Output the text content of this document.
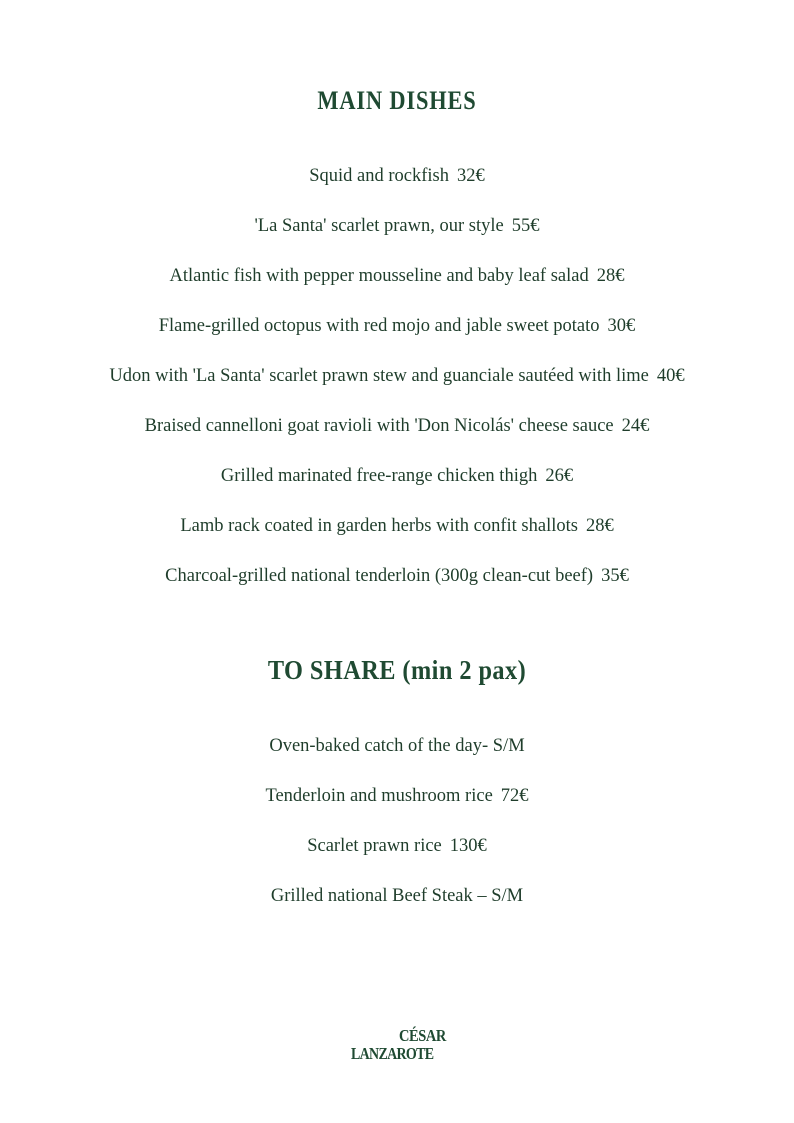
MAIN DISHES
Squid and rockfish 32€
'La Santa' scarlet prawn, our style 55€
Atlantic fish with pepper mousseline and baby leaf salad 28€
Flame-grilled octopus with red mojo and jable sweet potato 30€
Udon with 'La Santa' scarlet prawn stew and guanciale sautéed with lime 40€
Braised cannelloni goat ravioli with 'Don Nicolás' cheese sauce 24€
Grilled marinated free-range chicken thigh 26€
Lamb rack coated in garden herbs with confit shallots 28€
Charcoal-grilled national tenderloin (300g clean-cut beef) 35€
TO SHARE (min 2 pax)
Oven-baked catch of the day- S/M
Tenderloin and mushroom rice 72€
Scarlet prawn rice 130€
Grilled national Beef Steak – S/M
CÉSAR
LANZAROTE
